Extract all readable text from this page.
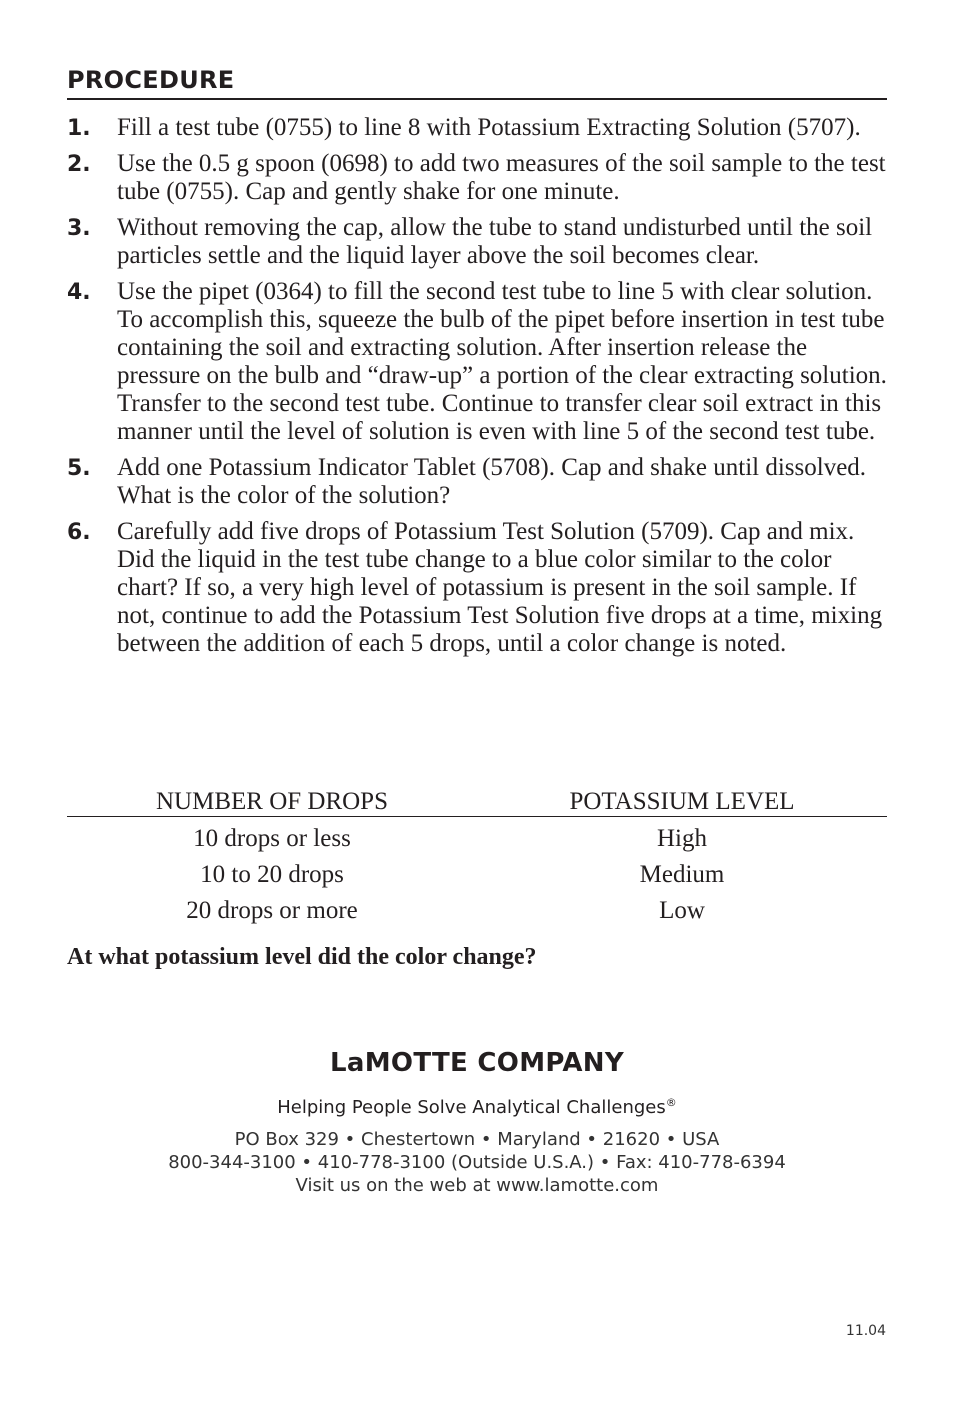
PROCEDURE
1. Fill a test tube (0755) to line 8 with Potassium Extracting Solution (5707).
2. Use the 0.5 g spoon (0698) to add two measures of the soil sample to the test tube (0755). Cap and gently shake for one minute.
3. Without removing the cap, allow the tube to stand undisturbed until the soil particles settle and the liquid layer above the soil becomes clear.
4. Use the pipet (0364) to fill the second test tube to line 5 with clear solution. To accomplish this, squeeze the bulb of the pipet before insertion in test tube containing the soil and extracting solution. After insertion release the pressure on the bulb and “draw-up” a portion of the clear extracting solution. Transfer to the second test tube. Continue to transfer clear soil extract in this manner until the level of solution is even with line 5 of the second test tube.
5. Add one Potassium Indicator Tablet (5708). Cap and shake until dissolved. What is the color of the solution?
6. Carefully add five drops of Potassium Test Solution (5709). Cap and mix. Did the liquid in the test tube change to a blue color similar to the color chart? If so, a very high level of potassium is present in the soil sample. If not, continue to add the Potassium Test Solution five drops at a time, mixing between the addition of each 5 drops, until a color change is noted.
NUMBER OF DROPS	POTASSIUM LEVEL
10 drops or less	High
10 to 20 drops	Medium
20 drops or more	Low
At what potassium level did the color change?
LaMOTTE COMPANY
Helping People Solve Analytical Challenges®
PO Box 329 • Chestertown • Maryland • 21620 • USA
800-344-3100 • 410-778-3100 (Outside U.S.A.) • Fax: 410-778-6394
Visit us on the web at www.lamotte.com
11.04
